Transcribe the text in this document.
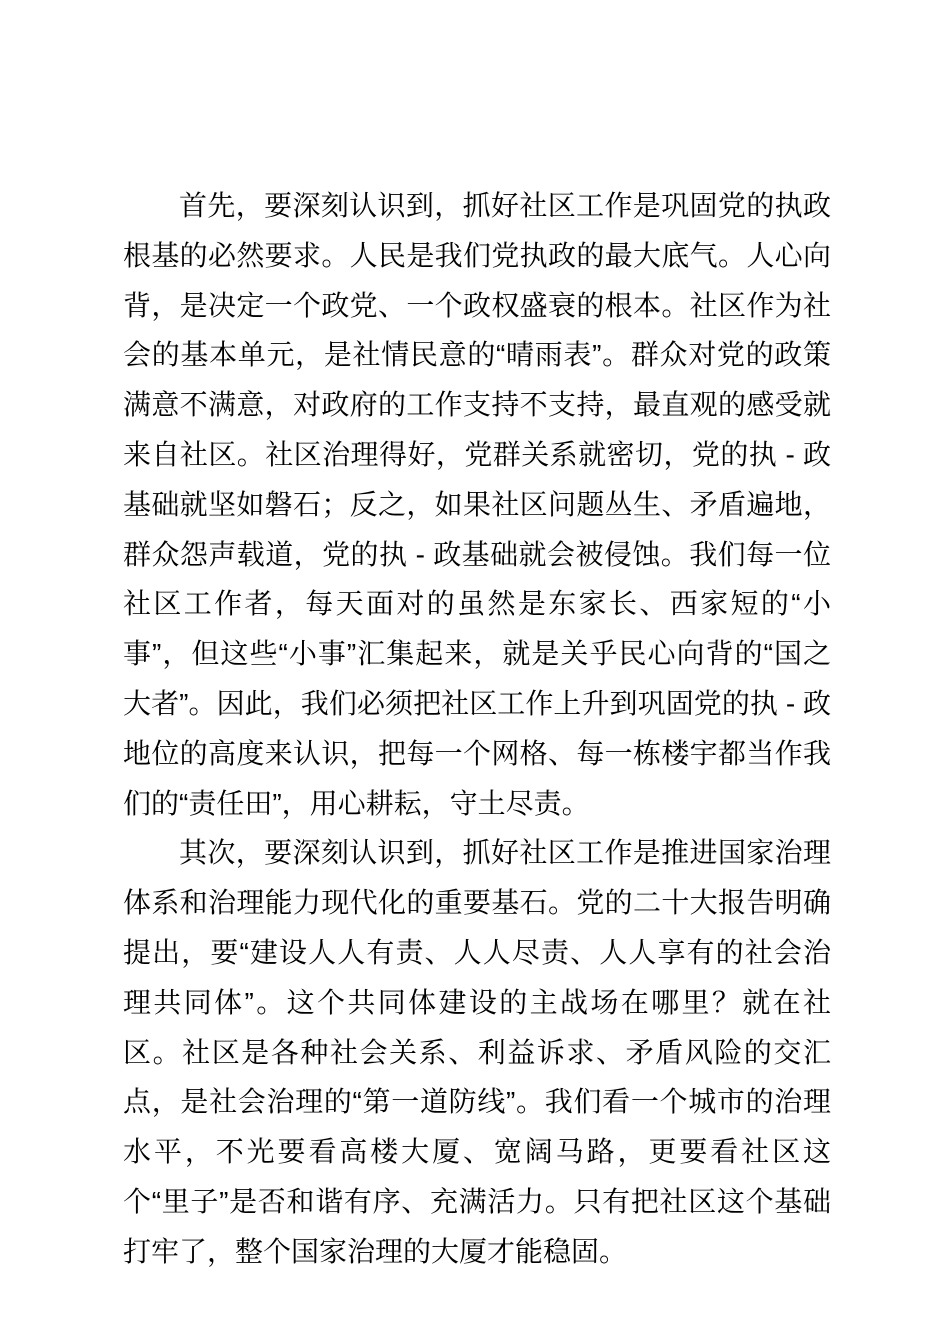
首先，要深刻认识到，抓好社区工作是巩固党的执政根基的必然要求。人民是我们党执政的最大底气。人心向背，是决定一个政党、一个政权盛衰的根本。社区作为社会的基本单元，是社情民意的“晴雨表”。群众对党的政策满意不满意，对政府的工作支持不支持，最直观的感受就来自社区。社区治理得好，党群关系就密切，党的执 - 政基础就坚如磐石；反之，如果社区问题丛生、矛盾遍地，群众怨声载道，党的执 - 政基础就会被侵蚀。我们每一位社区工作者，每天面对的虽然是东家长、西家短的“小事”，但这些“小事”汇集起来，就是关乎民心向背的“国之大者”。因此，我们必须把社区工作上升到巩固党的执 - 政地位的高度来认识，把每一个网格、每一栋楼宇都当作我们的“责任田”，用心耕耘，守土尽责。

其次，要深刻认识到，抓好社区工作是推进国家治理体系和治理能力现代化的重要基石。党的二十大报告明确提出，要“建设人人有责、人人尽责、人人享有的社会治理共同体”。这个共同体建设的主战场在哪里？就在社区。社区是各种社会关系、利益诉求、矛盾风险的交汇点，是社会治理的“第一道防线”。我们看一个城市的治理水平，不光要看高楼大厦、宽阔马路，更要看社区这个“里子”是否和谐有序、充满活力。只有把社区这个基础打牢了，整个国家治理的大厦才能稳固。
